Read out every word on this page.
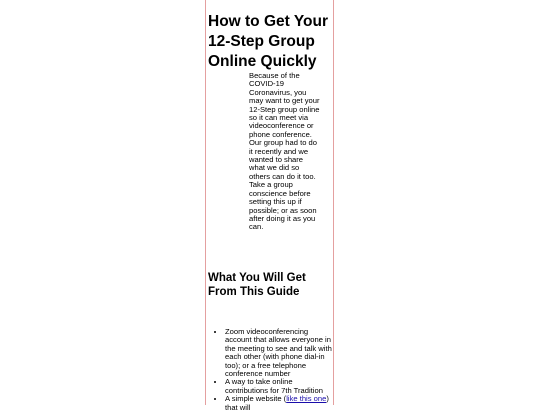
How to Get Your 12-Step Group Online Quickly

Because of the COVID-19 Coronavirus, you may want to get your 12-Step group online so it can meet via videoconference or phone conference. Our group had to do it recently and we wanted to share what we did so others can do it too. Take a group conscience before setting this up if possible; or as soon after doing it as you can.

What You Will Get From This Guide
• Zoom videoconferencing account that allows everyone in the meeting to see and talk with each other (with phone dial-in too); or a free telephone conference number
• A way to take online contributions for 7th Tradition
• A simple website (like this one) that will
